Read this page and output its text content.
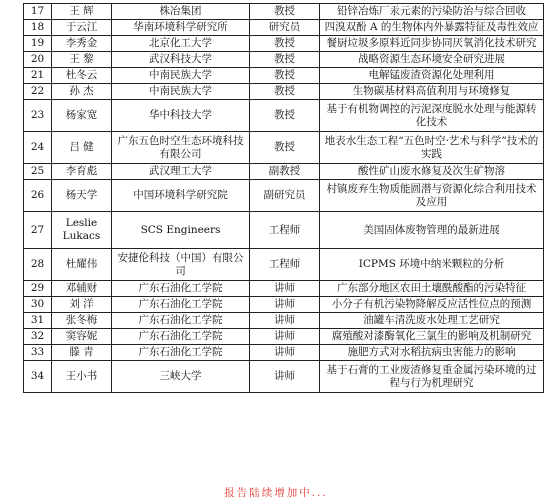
17	王 辉	株冶集团	教授	铅锌冶炼厂汞元素的污染防治与综合回收
18	于云江	华南环境科学研究所	研究员	四溴双酚 A 的生物体内外暴露特征及毒性效应
19	李秀金	北京化工大学	教授	餐厨垃圾多原料近同步协同厌氧消化技术研究
20	王 黎	武汉科技大学	教授	战略资源生态环境安全研究进展
21	杜冬云	中南民族大学	教授	电解锰废渣资源化处理利用
22	孙 杰	中南民族大学	教授	生物碳基材料高值利用与环境修复
23	杨家宽	华中科技大学	教授	基于有机物调控的污泥深度脱水处理与能源转化技术
24	吕 健	广东五色时空生态环境科技有限公司	教授	地表水生态工程“五色时空·艺术与科学”技术的实践
25	李育彪	武汉理工大学	副教授	酸性矿山废水修复及次生矿物溶
26	杨天学	中国环境科学研究院	副研究员	村镇废弃生物质能圆潜与资源化综合利用技术及应用
27	Leslie Lukacs	SCS Engineers	工程师	美国固体废物管理的最新进展
28	杜耀伟	安捷伦科技（中国）有限公司	工程师	ICPMS 环境中纳米颗粒的分析
29	邓辅财	广东石油化工学院	讲师	广东部分地区农田土壤酰酸酯的污染特征
30	刘 洋	广东石油化工学院	讲师	小分子有机污染物降解反应活性位点的预测
31	张冬梅	广东石油化工学院	讲师	油罐车清洗废水处理工艺研究
32	窦容妮	广东石油化工学院	讲师	腐殖酸对漆酶氧化三氯生的影响及机制研究
33	滕 青	广东石油化工学院	讲师	施肥方式对水稻抗病虫害能力的影响
34	王小书	三峡大学	讲师	基于石膏的工业废渣修复重金属污染环境的过程与行为机理研究
报告陆续增加中...
